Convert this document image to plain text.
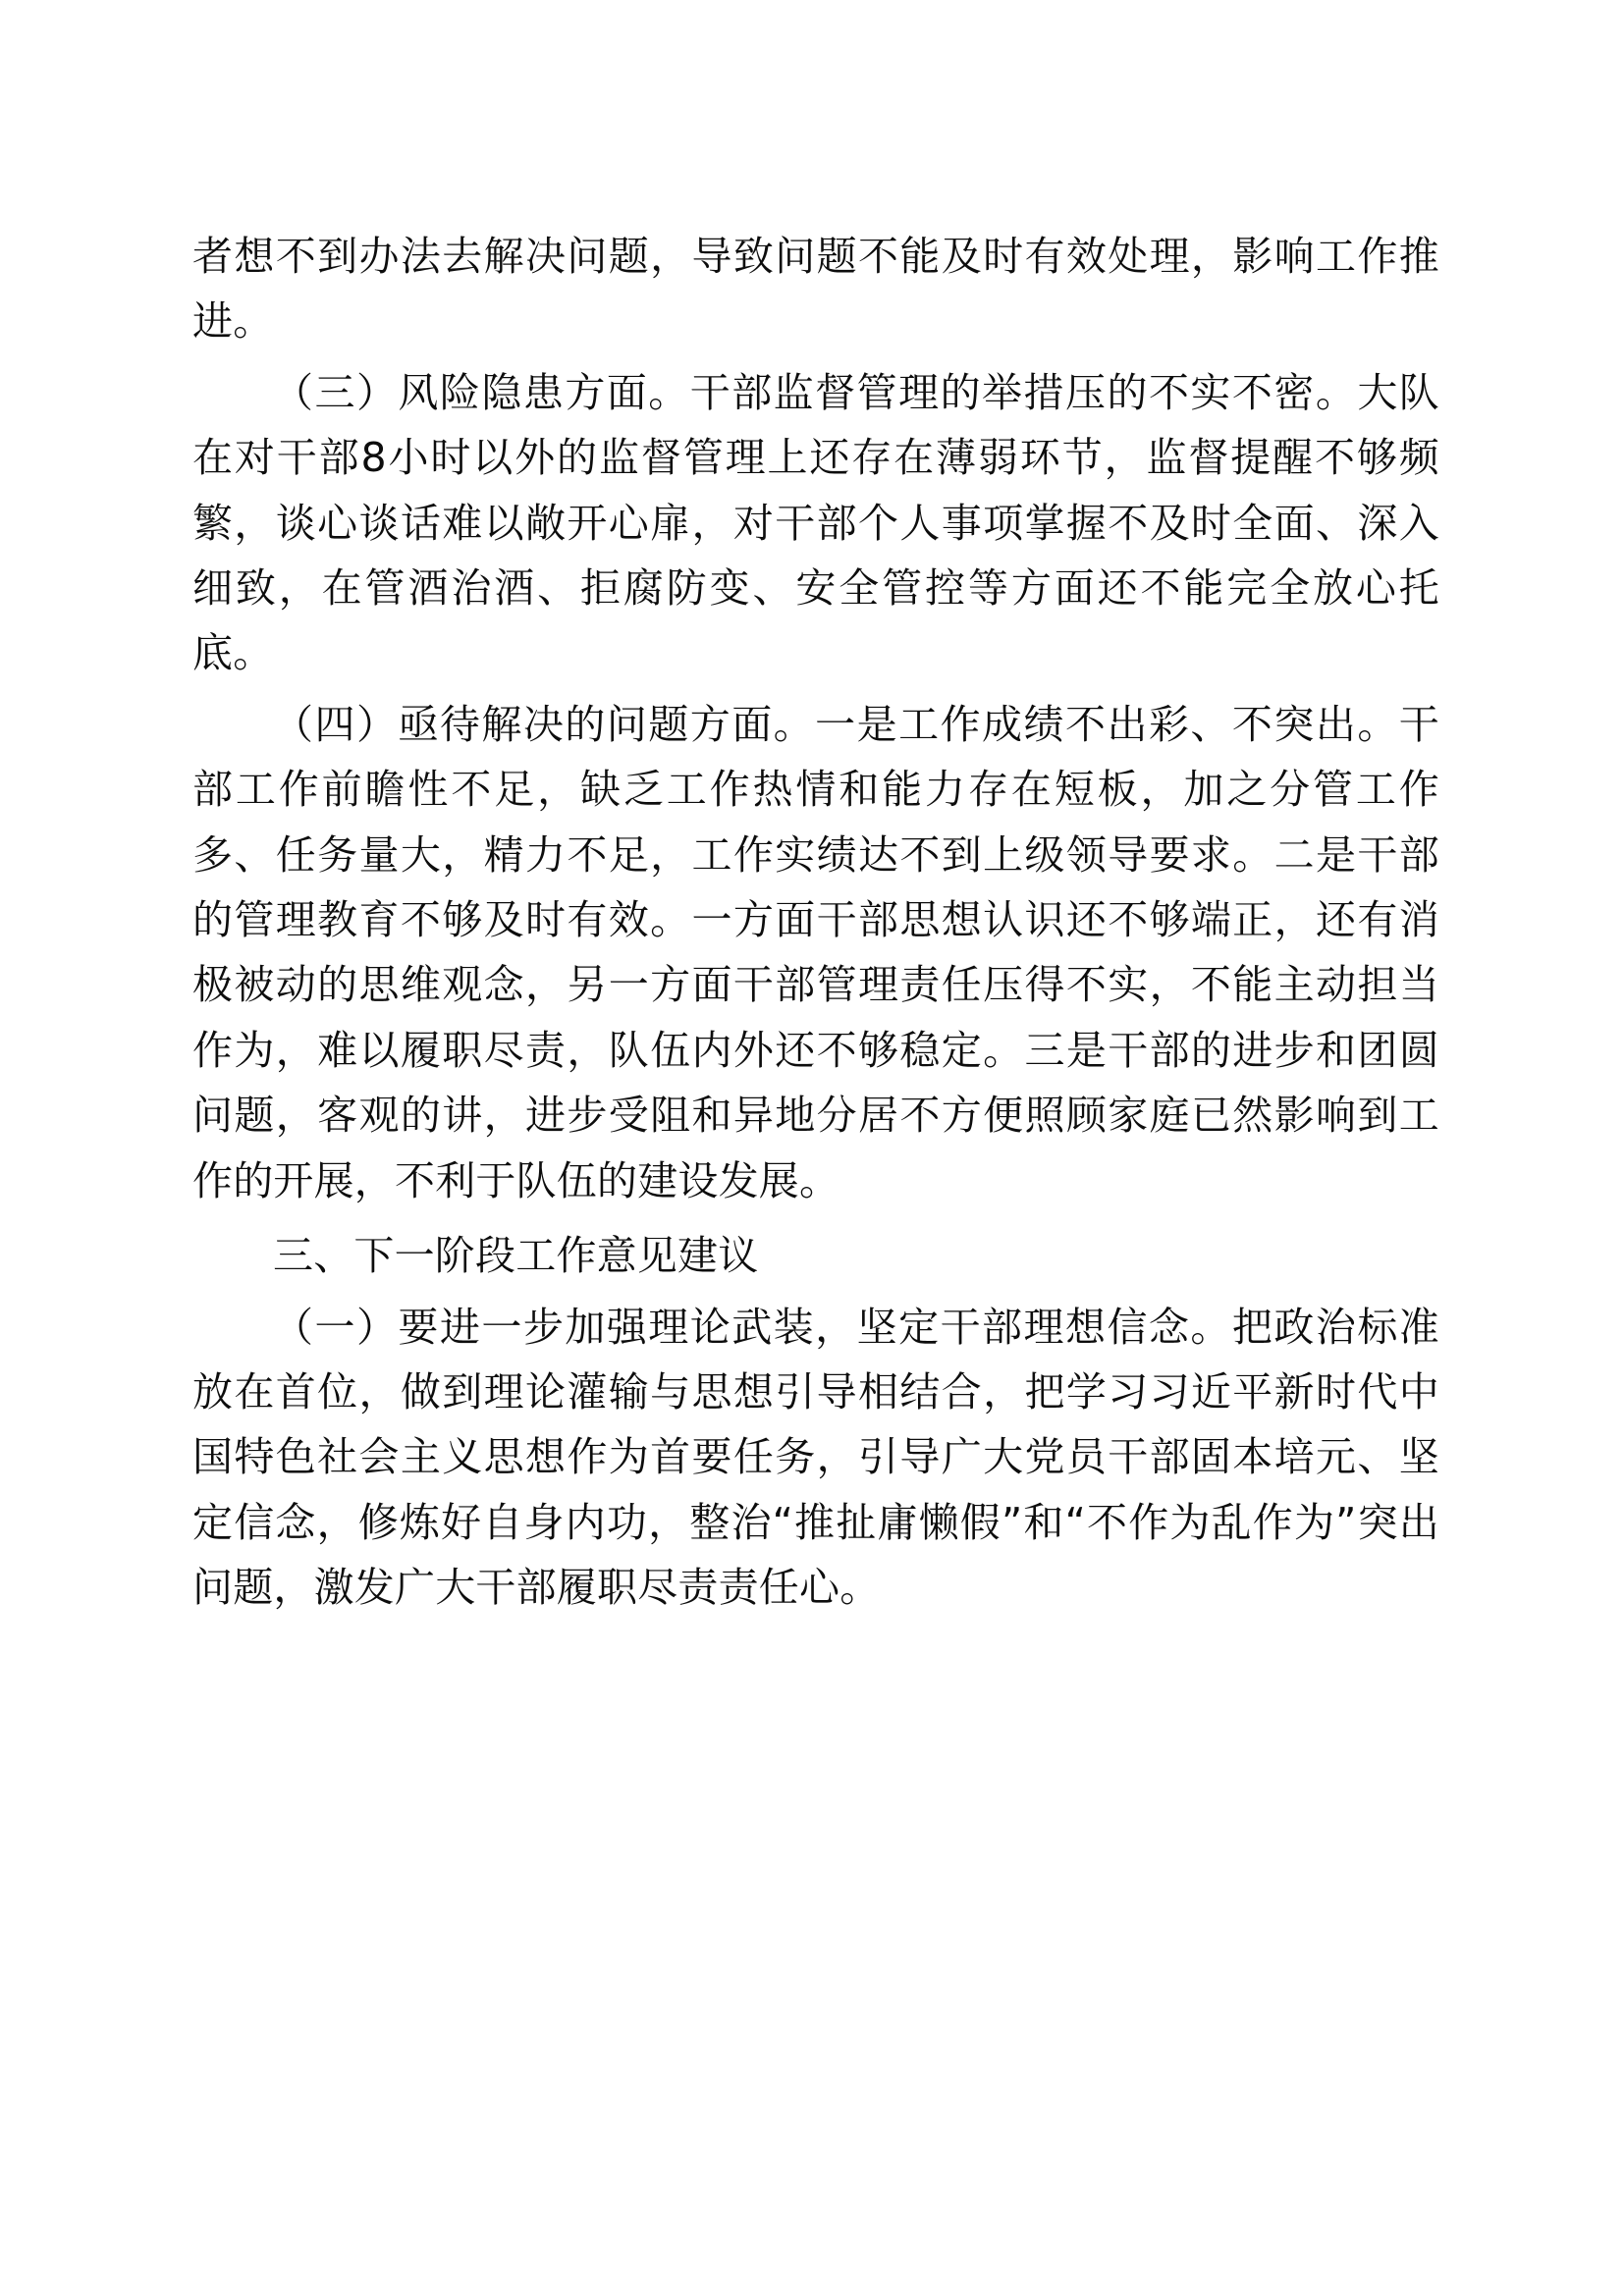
者想不到办法去解决问题，导致问题不能及时有效处理，影响工作推进。

（三）风险隐患方面。干部监督管理的举措压的不实不密。大队在对干部8小时以外的监督管理上还存在薄弱环节，监督提醒不够频繁，谈心谈话难以敞开心扉，对干部个人事项掌握不及时全面、深入细致，在管酒治酒、拒腐防变、安全管控等方面还不能完全放心托底。

（四）亟待解决的问题方面。一是工作成绩不出彩、不突出。干部工作前瞻性不足，缺乏工作热情和能力存在短板，加之分管工作多、任务量大，精力不足，工作实绩达不到上级领导要求。二是干部的管理教育不够及时有效。一方面干部思想认识还不够端正，还有消极被动的思维观念，另一方面干部管理责任压得不实，不能主动担当作为，难以履职尽责，队伍内外还不够稳定。三是干部的进步和团圆问题，客观的讲，进步受阻和异地分居不方便照顾家庭已然影响到工作的开展，不利于队伍的建设发展。

三、下一阶段工作意见建议

（一）要进一步加强理论武装，坚定干部理想信念。把政治标准放在首位，做到理论灌输与思想引导相结合，把学习习近平新时代中国特色社会主义思想作为首要任务，引导广大党员干部固本培元、坚定信念，修炼好自身内功，整治“推扯庸懒假”和“不作为乱作为”突出问题，激发广大干部履职尽责责任心。
